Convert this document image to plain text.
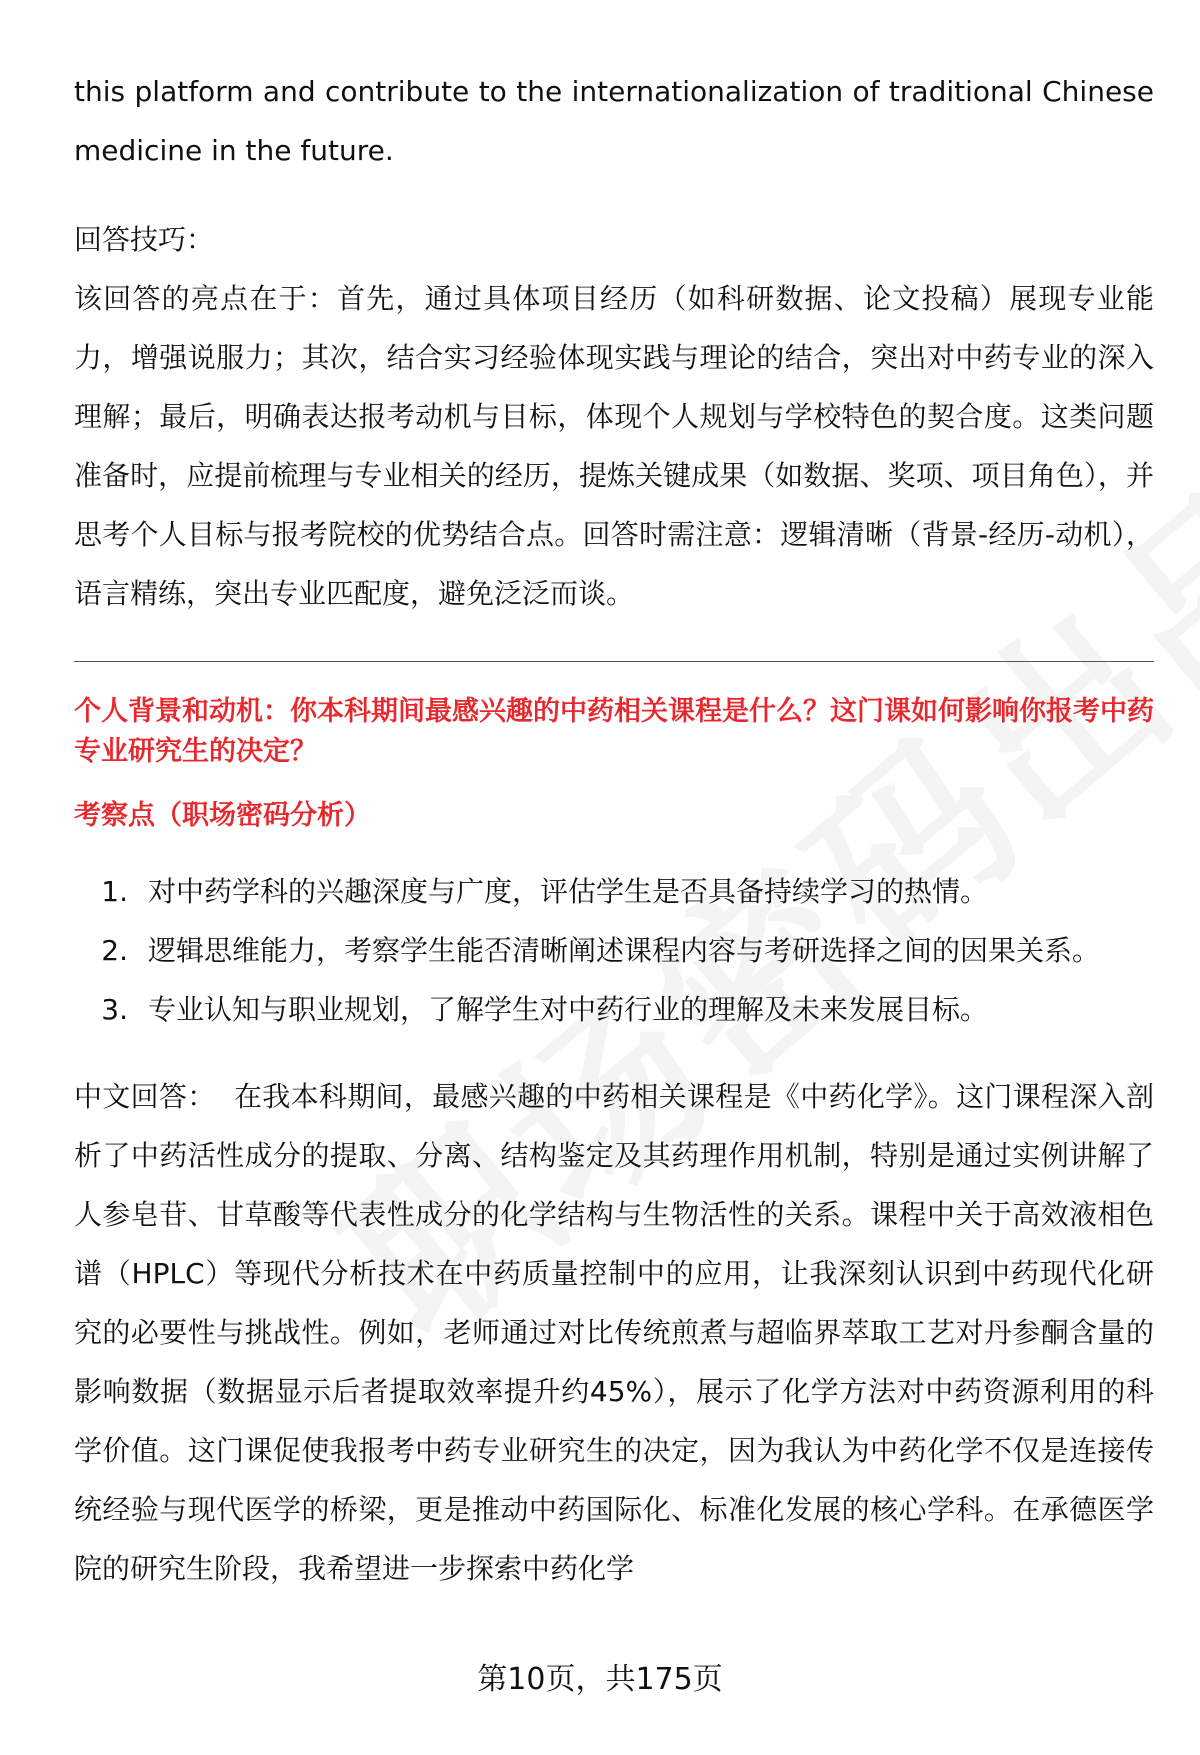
this platform and contribute to the internationalization of traditional Chinese medicine in the future.

回答技巧：

该回答的亮点在于：首先，通过具体项目经历（如科研数据、论文投稿）展现专业能力，增强说服力；其次，结合实习经验体现实践与理论的结合，突出对中药专业的深入理解；最后，明确表达报考动机与目标，体现个人规划与学校特色的契合度。这类问题准备时，应提前梳理与专业相关的经历，提炼关键成果（如数据、奖项、项目角色），并思考个人目标与报考院校的优势结合点。回答时需注意：逻辑清晰（背景-经历-动机），语言精练，突出专业匹配度，避免泛泛而谈。

个人背景和动机：你本科期间最感兴趣的中药相关课程是什么？这门课如何影响你报考中药专业研究生的决定？
考察点（职场密码分析）
1. 对中药学科的兴趣深度与广度，评估学生是否具备持续学习的热情。
2. 逻辑思维能力，考察学生能否清晰阐述课程内容与考研选择之间的因果关系。
3. 专业认知与职业规划，了解学生对中药行业的理解及未来发展目标。

中文回答： 在我本科期间，最感兴趣的中药相关课程是《中药化学》。这门课程深入剖析了中药活性成分的提取、分离、结构鉴定及其药理作用机制，特别是通过实例讲解了人参皂苷、甘草酸等代表性成分的化学结构与生物活性的关系。课程中关于高效液相色谱（HPLC）等现代分析技术在中药质量控制中的应用，让我深刻认识到中药现代化研究的必要性与挑战性。例如，老师通过对比传统煎煮与超临界萃取工艺对丹参酮含量的影响数据（数据显示后者提取效率提升约45%），展示了化学方法对中药资源利用的科学价值。这门课促使我报考中药专业研究生的决定，因为我认为中药化学不仅是连接传统经验与现代医学的桥梁，更是推动中药国际化、标准化发展的核心学科。在承德医学院的研究生阶段，我希望进一步探索中药化学

第10页，共175页
